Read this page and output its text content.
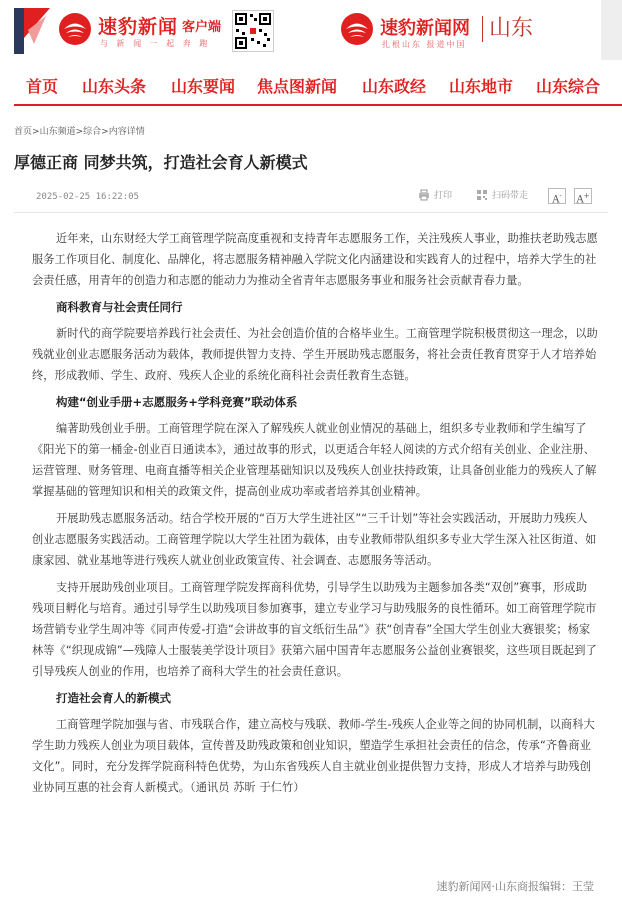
速豹新闻 客户端
与 新 闻 一 起 奔 跑
速豹新闻网
扎根山东 报道中国
山东
首页 山东头条 山东要闻 焦点图新闻 山东政经 山东地市 山东综合
首页>山东频道>综合>内容详情
厚德正商 同梦共筑，打造社会育人新模式
2025-02-25 16:22:05	打印	扫码带走	A-	A+

近年来，山东财经大学工商管理学院高度重视和支持青年志愿服务工作，关注残疾人事业，助推扶老助残志愿服务工作项目化、制度化、品牌化，将志愿服务精神融入学院文化内涵建设和实践育人的过程中，培养大学生的社会责任感，用青年的创造力和志愿的能动力为推动全省青年志愿服务事业和服务社会贡献青春力量。

商科教育与社会责任同行

新时代的商学院要培养践行社会责任、为社会创造价值的合格毕业生。工商管理学院积极贯彻这一理念，以助残就业创业志愿服务活动为载体，教师提供智力支持、学生开展助残志愿服务，将社会责任教育贯穿于人才培养始终，形成教师、学生、政府、残疾人企业的系统化商科社会责任教育生态链。

构建“创业手册+志愿服务+学科竞赛”联动体系

编著助残创业手册。工商管理学院在深入了解残疾人就业创业情况的基础上，组织多专业教师和学生编写了《阳光下的第一桶金-创业百日通读本》，通过故事的形式，以更适合年轻人阅读的方式介绍有关创业、企业注册、运营管理、财务管理、电商直播等相关企业管理基础知识以及残疾人创业扶持政策，让具备创业能力的残疾人了解掌握基础的管理知识和相关的政策文件，提高创业成功率或者培养其创业精神。

开展助残志愿服务活动。结合学校开展的“百万大学生进社区”“三千计划”等社会实践活动，开展助力残疾人创业志愿服务实践活动。工商管理学院以大学生社团为载体，由专业教师带队组织多专业大学生深入社区街道、如康家园、就业基地等进行残疾人就业创业政策宣传、社会调查、志愿服务等活动。

支持开展助残创业项目。工商管理学院发挥商科优势，引导学生以助残为主题参加各类“双创”赛事，形成助残项目孵化与培育。通过引导学生以助残项目参加赛事，建立专业学习与助残服务的良性循环。如工商管理学院市场营销专业学生周冲等《同声传爱-打造“会讲故事的盲文纸衍生品”》获“创青春”全国大学生创业大赛银奖；杨家林等《“织现成锦”—残障人士服装美学设计项目》获第六届中国青年志愿服务公益创业赛银奖，这些项目既起到了引导残疾人创业的作用，也培养了商科大学生的社会责任意识。

打造社会育人的新模式

工商管理学院加强与省、市残联合作，建立高校与残联、教师-学生-残疾人企业等之间的协同机制，以商科大学生助力残疾人创业为项目载体，宣传普及助残政策和创业知识，塑造学生承担社会责任的信念，传承“齐鲁商业文化”。同时，充分发挥学院商科特色优势，为山东省残疾人自主就业创业提供智力支持，形成人才培养与助残创业协同互惠的社会育人新模式。（通讯员 苏昕 于仁竹）

速豹新闻网·山东商报编辑：王莹
